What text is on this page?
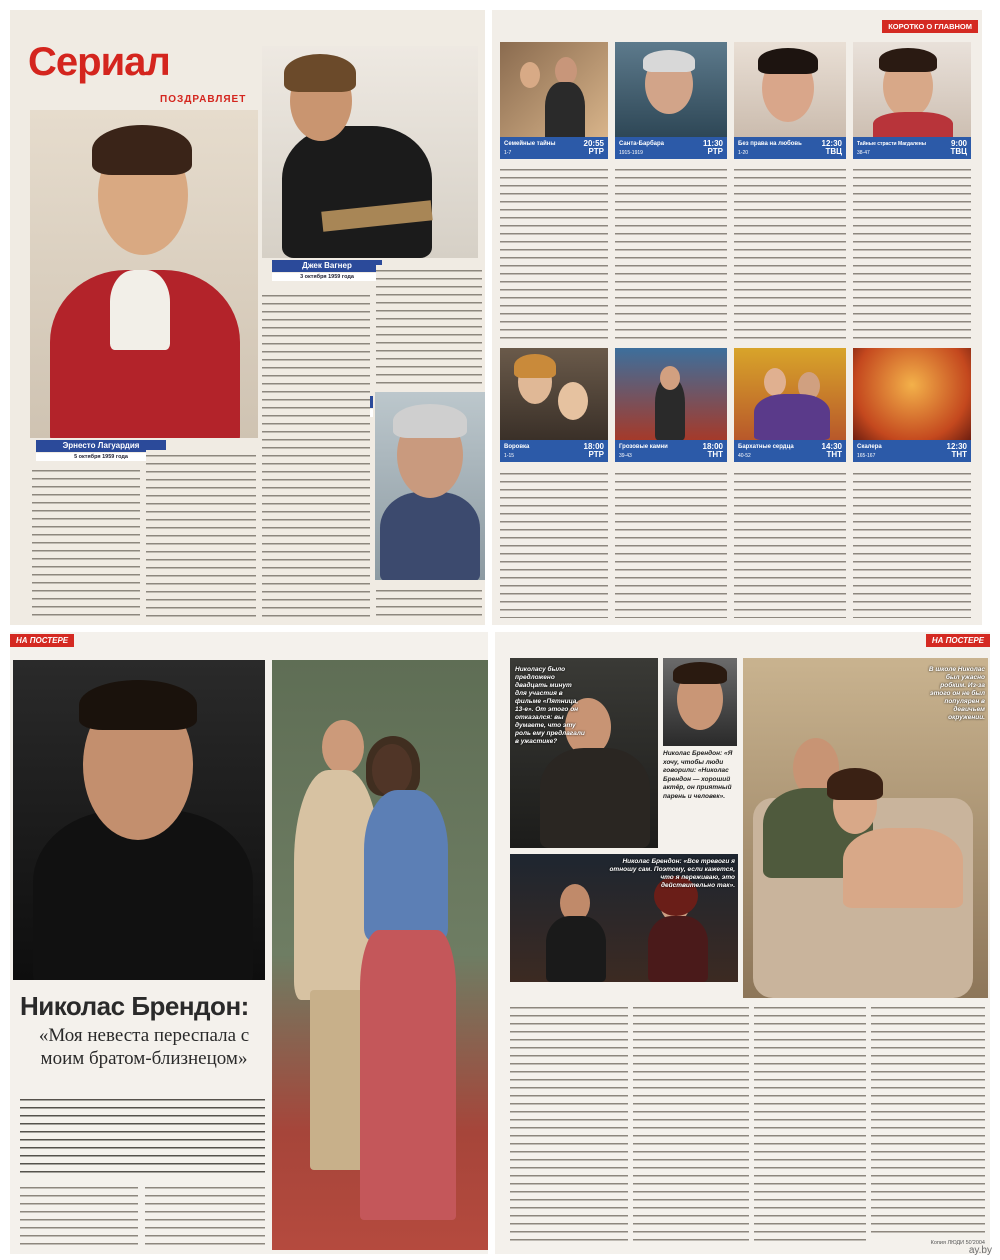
Сериал
ПОЗДРАВЛЯЕТ
Эрнесто Лагуардия
5 октября 1959 года
Джек Вагнер
3 октября 1959 года
КОРОТКО О ГЛАВНОМ
Семейные тайны
1-7
20:55
РТР
Санта-Барбара
1915-1919
11:30
РТР
Без права на любовь
1-20
12:30
ТВЦ
Тайные страсти Магдалены
38-47
9:00
ТВЦ
Воровка
1-15
18:00
РТР
Грозовые камни
39-43
18:00
ТНТ
Бархатные сердца
40-52
14:30
ТНТ
Скалера
165-167
12:30
ТНТ
НА ПОСТЕРЕ
Николас Брендон:
«Моя невеста переспала с моим братом-близнецом»
НА ПОСТЕРЕ
Николасу было предложено двадцать минут для участия в фильме «Пятница, 13-е». От этого он отказался: вы думаете, что эту роль ему предлагали в ужастике?
Николас Брендон: «Я хочу, чтобы люди говорили: «Николас Брендон — хороший актёр, он приятный парень и человек».
В школе Николас был ужасно робким. Из-за этого он не был популярен в девичьем окружении.
Николас Брендон: «Все тревоги я отношу сам. Поэтому, если кажется, что я переживаю, это действительно так».
Копия ЛЮДИ 50'2004
ay.by
